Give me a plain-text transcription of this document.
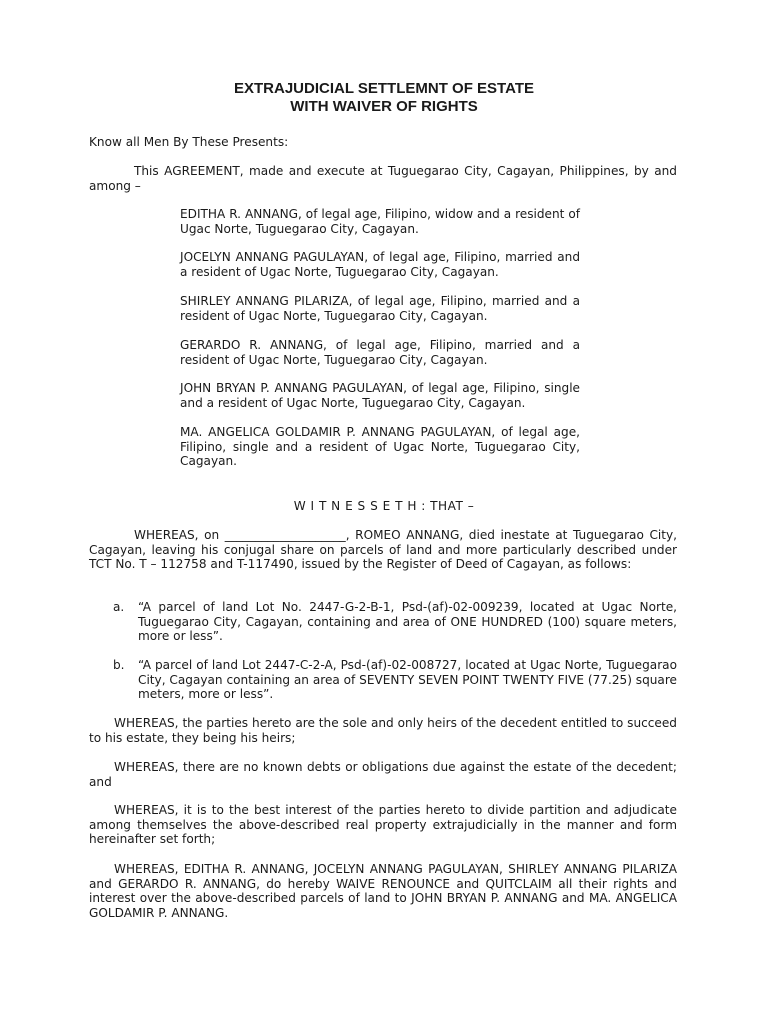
EXTRAJUDICIAL SETTLEMNT OF ESTATE
WITH WAIVER OF RIGHTS
Know all Men By These Presents:
This AGREEMENT, made and execute at Tuguegarao City, Cagayan, Philippines, by and among –
EDITHA R. ANNANG, of legal age, Filipino, widow and a resident of Ugac Norte, Tuguegarao City, Cagayan.
JOCELYN ANNANG PAGULAYAN, of legal age, Filipino, married and a resident of Ugac Norte, Tuguegarao City, Cagayan.
SHIRLEY ANNANG PILARIZA, of legal age, Filipino, married and a resident of Ugac Norte, Tuguegarao City, Cagayan.
GERARDO R. ANNANG, of legal age, Filipino, married and a resident of Ugac Norte, Tuguegarao City, Cagayan.
JOHN BRYAN P. ANNANG PAGULAYAN, of legal age, Filipino, single and a resident of Ugac Norte, Tuguegarao City, Cagayan.
MA. ANGELICA GOLDAMIR P. ANNANG PAGULAYAN, of legal age, Filipino, single and a resident of Ugac Norte, Tuguegarao City, Cagayan.
W I T N E S S E T H : THAT –
WHEREAS, on ____________________, ROMEO ANNANG, died inestate at Tuguegarao City, Cagayan, leaving his conjugal share on parcels of land and more particularly described under TCT No. T – 112758 and T-117490, issued by the Register of Deed of Cagayan, as follows:
a. “A parcel of land Lot No. 2447-G-2-B-1, Psd-(af)-02-009239, located at Ugac Norte, Tuguegarao City, Cagayan, containing and area of ONE HUNDRED (100) square meters, more or less”.
b. “A parcel of land Lot 2447-C-2-A, Psd-(af)-02-008727, located at Ugac Norte, Tuguegarao City, Cagayan containing an area of SEVENTY SEVEN POINT TWENTY FIVE (77.25) square meters, more or less”.
WHEREAS, the parties hereto are the sole and only heirs of the decedent entitled to succeed to his estate, they being his heirs;
WHEREAS, there are no known debts or obligations due against the estate of the decedent; and
WHEREAS, it is to the best interest of the parties hereto to divide partition and adjudicate among themselves the above-described real property extrajudicially in the manner and form hereinafter set forth;
WHEREAS, EDITHA R. ANNANG, JOCELYN ANNANG PAGULAYAN, SHIRLEY ANNANG PILARIZA and GERARDO R. ANNANG, do hereby WAIVE RENOUNCE and QUITCLAIM all their rights and interest over the above-described parcels of land to JOHN BRYAN P. ANNANG and MA. ANGELICA GOLDAMIR P. ANNANG.
